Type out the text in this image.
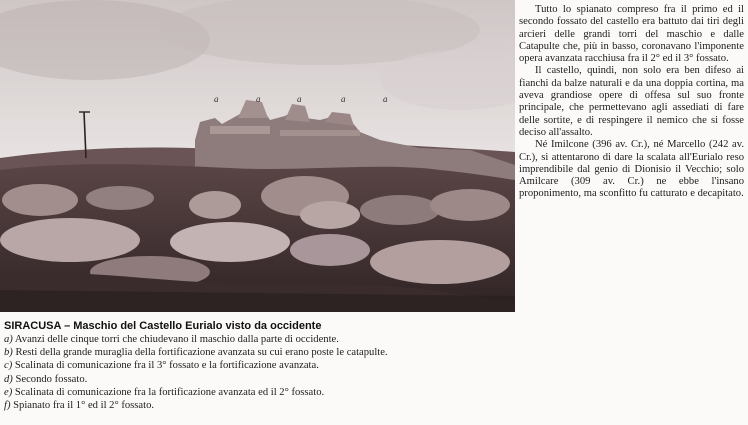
a	a	a	a	a

Tutto lo spianato compreso fra il primo ed il secondo fossato del castello era battuto dai tiri degli arcieri delle grandi torri del maschio e dalle Catapulte che, più in basso, coronavano l'imponente opera avanzata racchiusa fra il 2° ed il 3° fossato.

Il castello, quindi, non solo era ben difeso ai fianchi da balze naturali e da una doppia cortina, ma aveva grandiose opere di offesa sul suo fronte principale, che permettevano agli assediati di fare delle sortite, e di respingere il nemico che si fosse deciso all'assalto.

Né Imilcone (396 av. Cr.), né Marcello (242 av. Cr.), si attentarono di dare la scalata all'Eurialo reso imprendibile dal genio di Dionisio il Vecchio; solo Amilcare (309 av. Cr.) ne ebbe l'insano proponimento, ma sconfitto fu catturato e decapitato.

SIRACUSA – Maschio del Castello Eurialo visto da occidente
a) Avanzi delle cinque torri che chiudevano il maschio dalla parte di occidente.
b) Resti della grande muraglia della fortificazione avanzata su cui erano poste le catapulte.
c) Scalinata di comunicazione fra il 3° fossato e la fortificazione avanzata.
d) Secondo fossato.
e) Scalinata di comunicazione fra la fortificazione avanzata ed il 2° fossato.
f) Spianato fra il 1° ed il 2° fossato.
